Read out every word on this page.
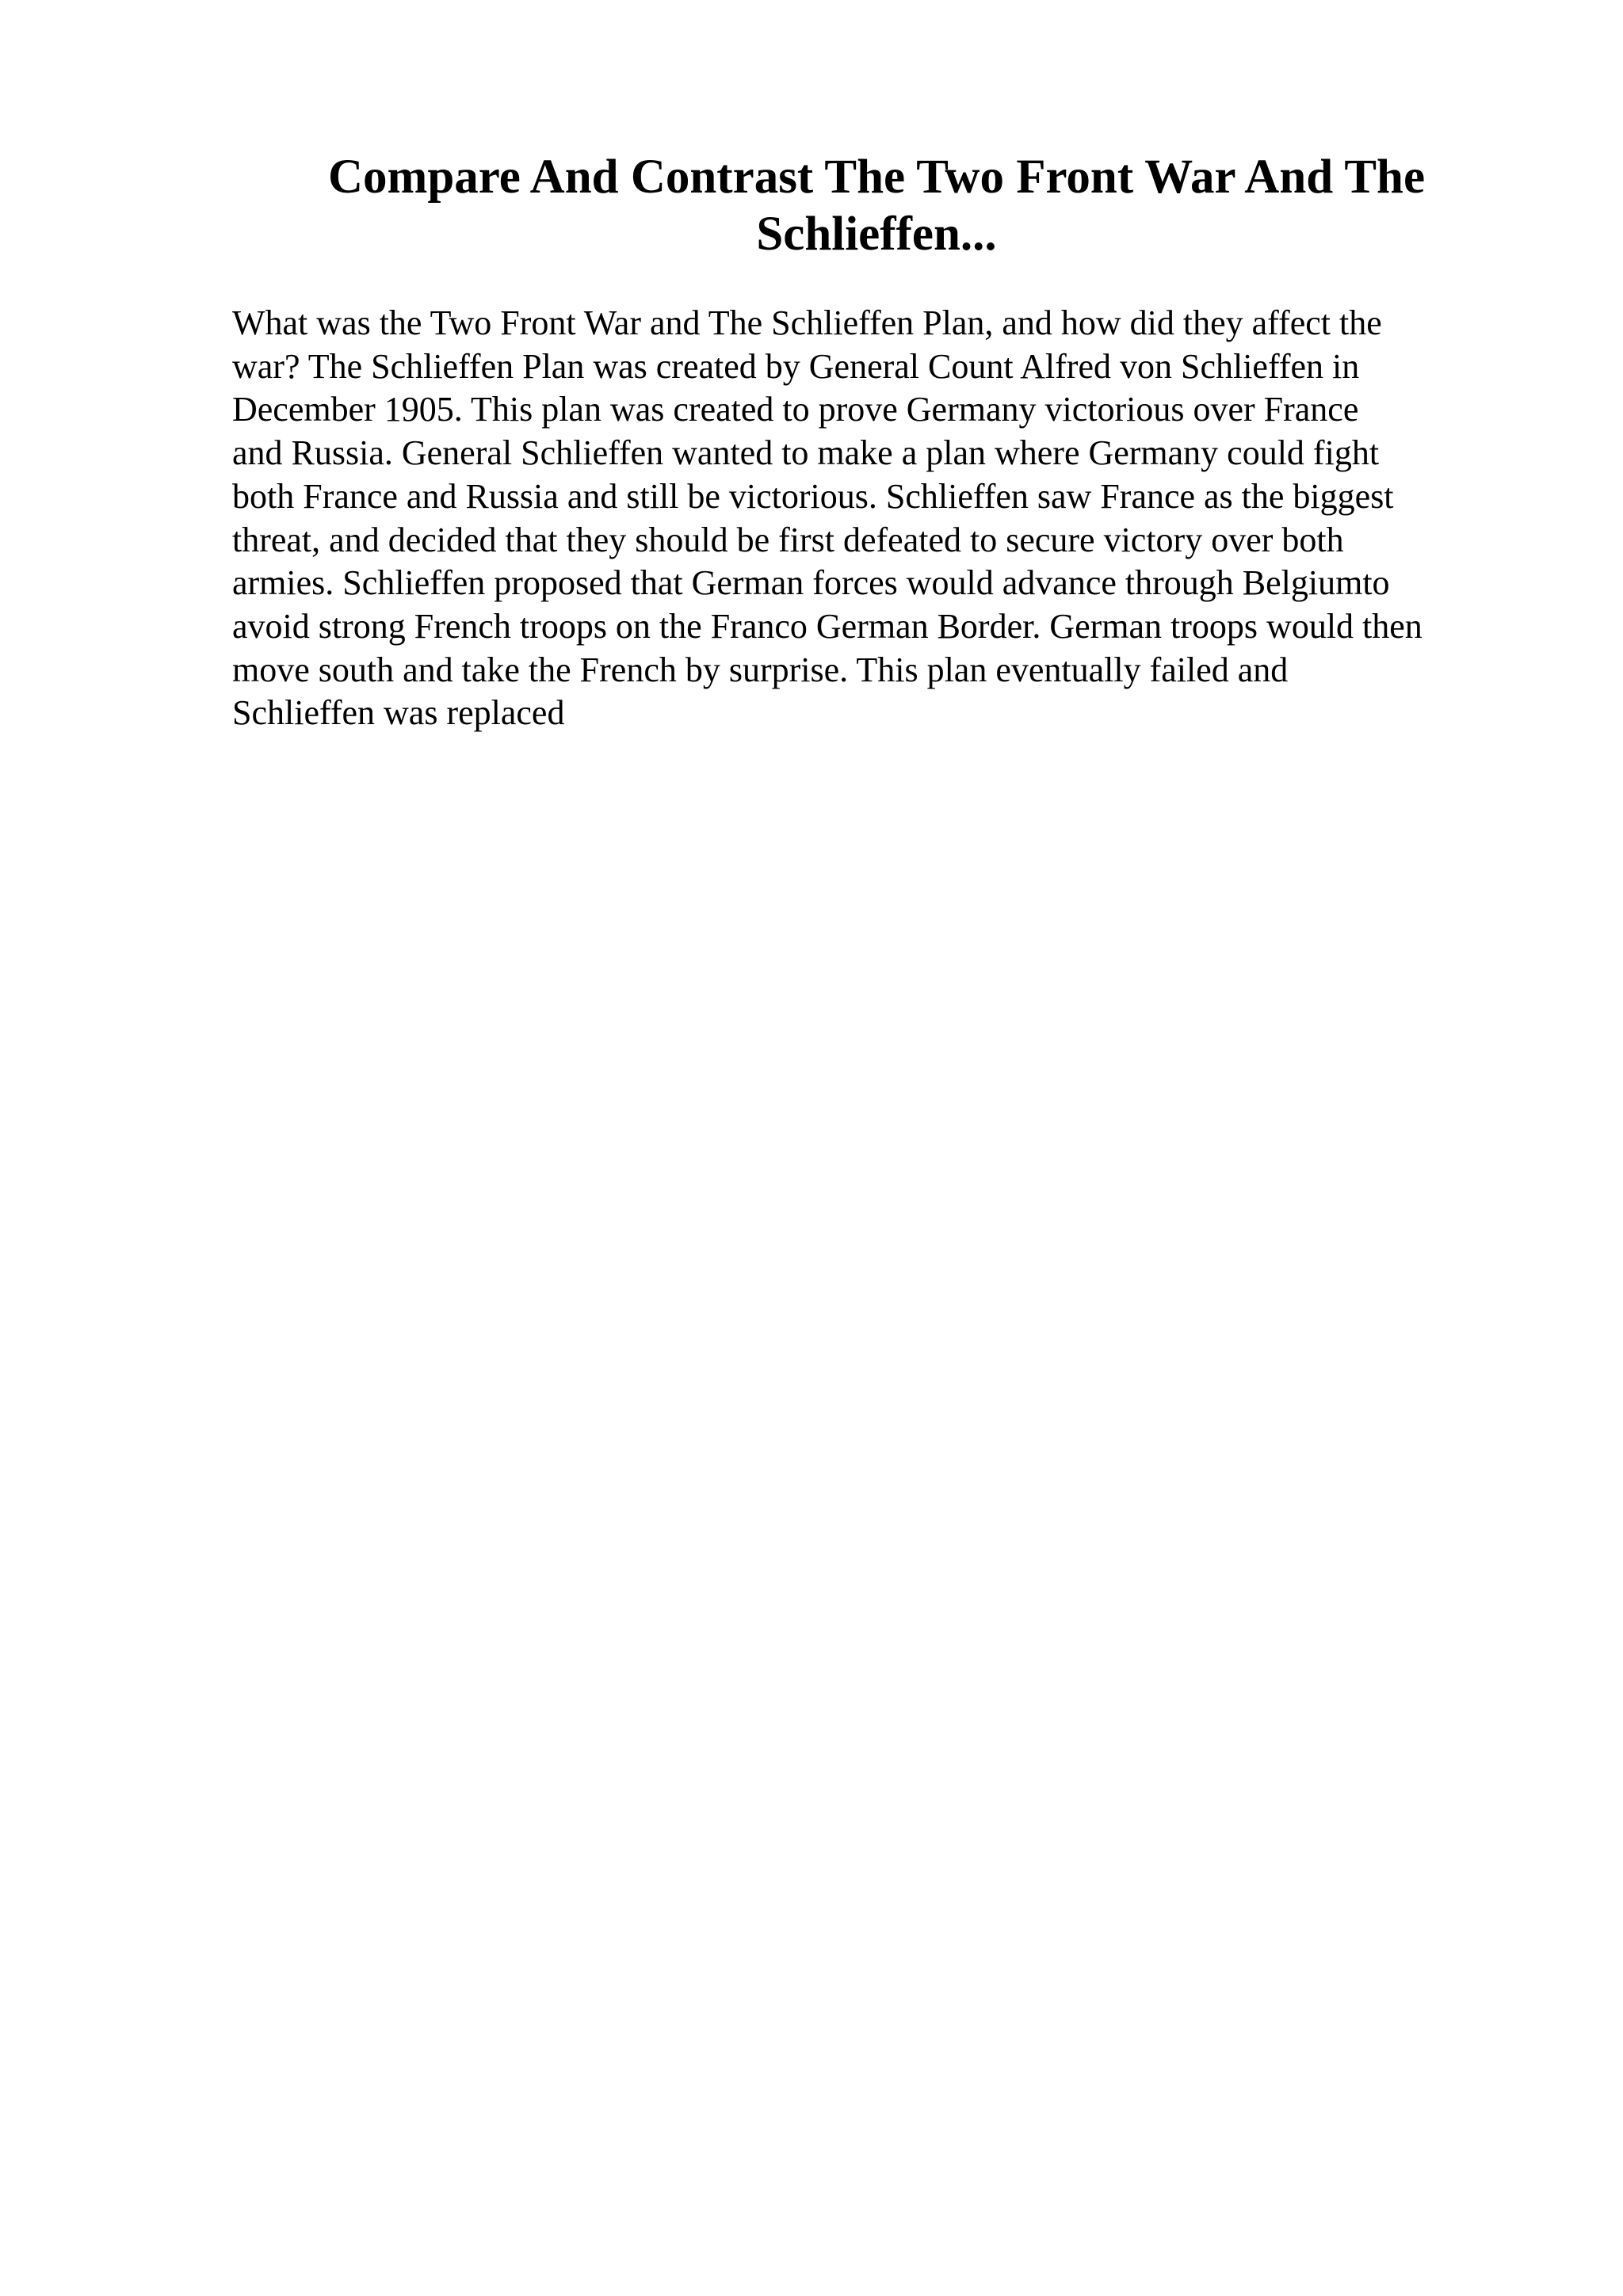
Compare And Contrast The Two Front War And The
Schlieffen...
What was the Two Front War and The Schlieffen Plan, and how did they affect the
war? The Schlieffen Plan was created by General Count Alfred von Schlieffen in
December 1905. This plan was created to prove Germany victorious over France
and Russia. General Schlieffen wanted to make a plan where Germany could fight
both France and Russia and still be victorious. Schlieffen saw France as the biggest
threat, and decided that they should be first defeated to secure victory over both
armies. Schlieffen proposed that German forces would advance through Belgiumto
avoid strong French troops on the Franco German Border. German troops would then
move south and take the French by surprise. This plan eventually failed and
Schlieffen was replaced
